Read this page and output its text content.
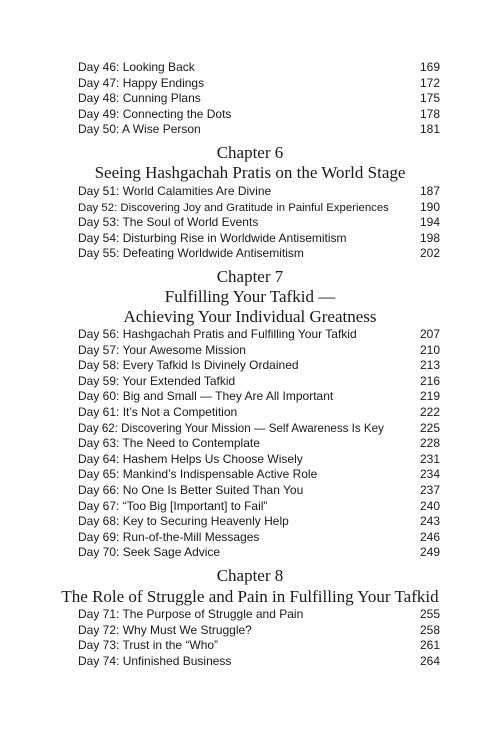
Day 46: Looking Back	169
Day 47: Happy Endings	172
Day 48: Cunning Plans	175
Day 49: Connecting the Dots	178
Day 50: A Wise Person	181
Chapter 6
Seeing Hashgachah Pratis on the World Stage
Day 51: World Calamities Are Divine	187
Day 52: Discovering Joy and Gratitude in Painful Experiences	190
Day 53: The Soul of World Events	194
Day 54: Disturbing Rise in Worldwide Antisemitism	198
Day 55: Defeating Worldwide Antisemitism	202
Chapter 7
Fulfilling Your Tafkid —
Achieving Your Individual Greatness
Day 56: Hashgachah Pratis and Fulfilling Your Tafkid	207
Day 57: Your Awesome Mission	210
Day 58: Every Tafkid Is Divinely Ordained	213
Day 59: Your Extended Tafkid	216
Day 60: Big and Small — They Are All Important	219
Day 61: It’s Not a Competition	222
Day 62: Discovering Your Mission — Self Awareness Is Key	225
Day 63: The Need to Contemplate	228
Day 64: Hashem Helps Us Choose Wisely	231
Day 65: Mankind’s Indispensable Active Role	234
Day 66: No One Is Better Suited Than You	237
Day 67: “Too Big [Important] to Fail”	240
Day 68: Key to Securing Heavenly Help	243
Day 69: Run-of-the-Mill Messages	246
Day 70: Seek Sage Advice	249
Chapter 8
The Role of Struggle and Pain in Fulfilling Your Tafkid
Day 71: The Purpose of Struggle and Pain	255
Day 72: Why Must We Struggle?	258
Day 73: Trust in the “Who”	261
Day 74: Unfinished Business	264
